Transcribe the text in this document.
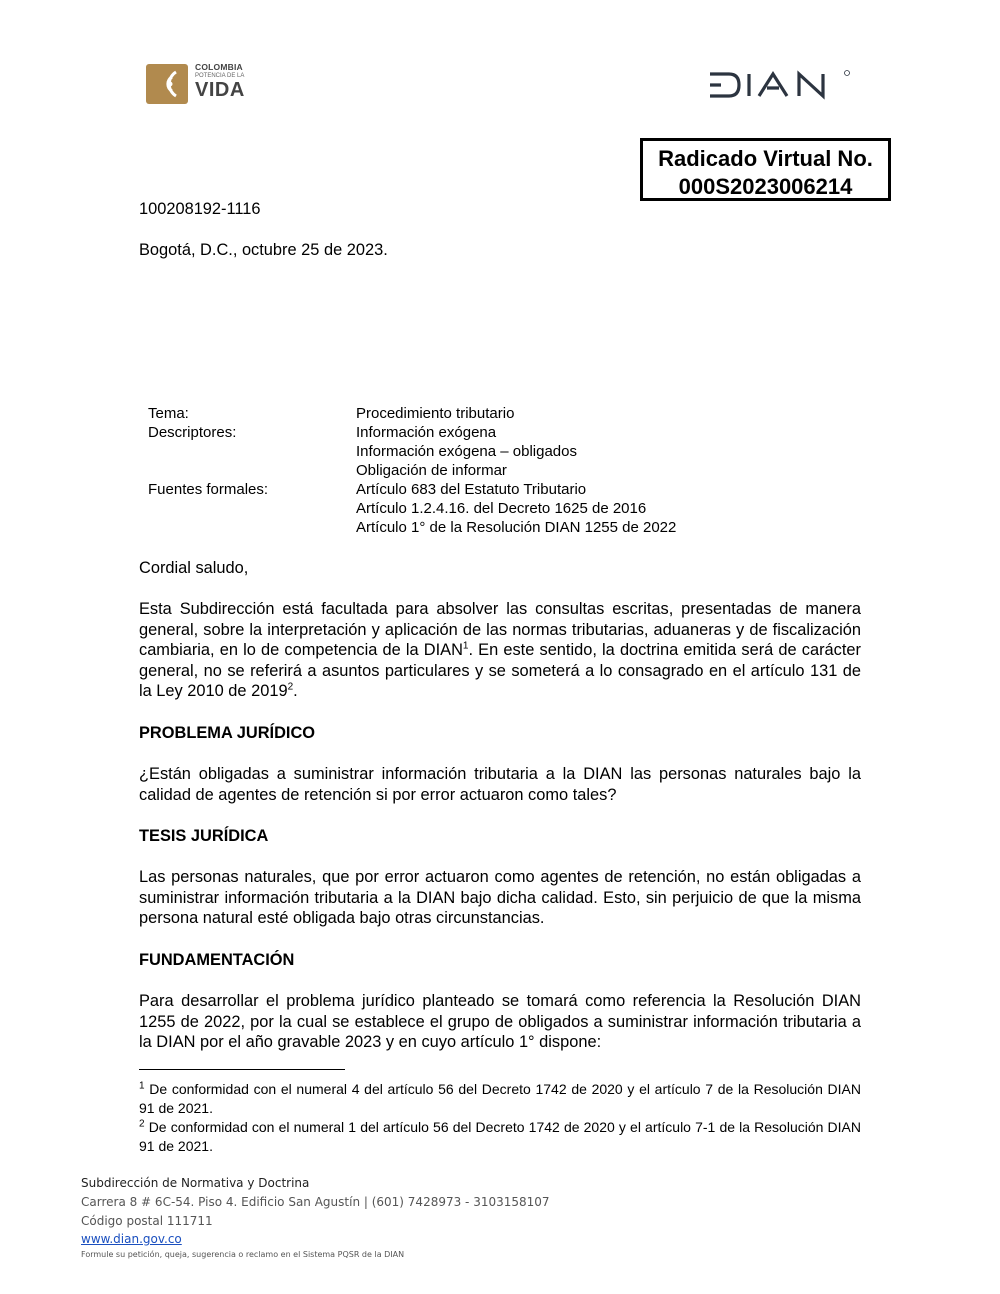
COLOMBIA
POTENCIA DE LA
VIDA
DIAN
Radicado Virtual No.
000S2023006214
100208192-1116
Bogotá, D.C., octubre 25 de 2023.
Tema:	Procedimiento tributario
Descriptores:	Información exógena
Información exógena – obligados
Obligación de informar
Fuentes formales:	Artículo 683 del Estatuto Tributario
Artículo 1.2.4.16. del Decreto 1625 de 2016
Artículo 1° de la Resolución DIAN 1255 de 2022
Cordial saludo,
Esta Subdirección está facultada para absolver las consultas escritas, presentadas de manera general, sobre la interpretación y aplicación de las normas tributarias, aduaneras y de fiscalización cambiaria, en lo de competencia de la DIAN$^1$. En este sentido, la doctrina emitida será de carácter general, no se referirá a asuntos particulares y se someterá a lo consagrado en el artículo 131 de la Ley 2010 de 2019$^2$.
PROBLEMA JURÍDICO
¿Están obligadas a suministrar información tributaria a la DIAN las personas naturales bajo la calidad de agentes de retención si por error actuaron como tales?
TESIS JURÍDICA
Las personas naturales, que por error actuaron como agentes de retención, no están obligadas a suministrar información tributaria a la DIAN bajo dicha calidad. Esto, sin perjuicio de que la misma persona natural esté obligada bajo otras circunstancias.
FUNDAMENTACIÓN
Para desarrollar el problema jurídico planteado se tomará como referencia la Resolución DIAN 1255 de 2022, por la cual se establece el grupo de obligados a suministrar información tributaria a la DIAN por el año gravable 2023 y en cuyo artículo 1° dispone:
$^1$ De conformidad con el numeral 4 del artículo 56 del Decreto 1742 de 2020 y el artículo 7 de la Resolución DIAN 91 de 2021.
$^2$ De conformidad con el numeral 1 del artículo 56 del Decreto 1742 de 2020 y el artículo 7-1 de la Resolución DIAN 91 de 2021.
Subdirección de Normativa y Doctrina
Carrera 8 # 6C-54. Piso 4. Edificio San Agustín | (601) 7428973 - 3103158107
Código postal 111711
www.dian.gov.co
Formule su petición, queja, sugerencia o reclamo en el Sistema PQSR de la DIAN
